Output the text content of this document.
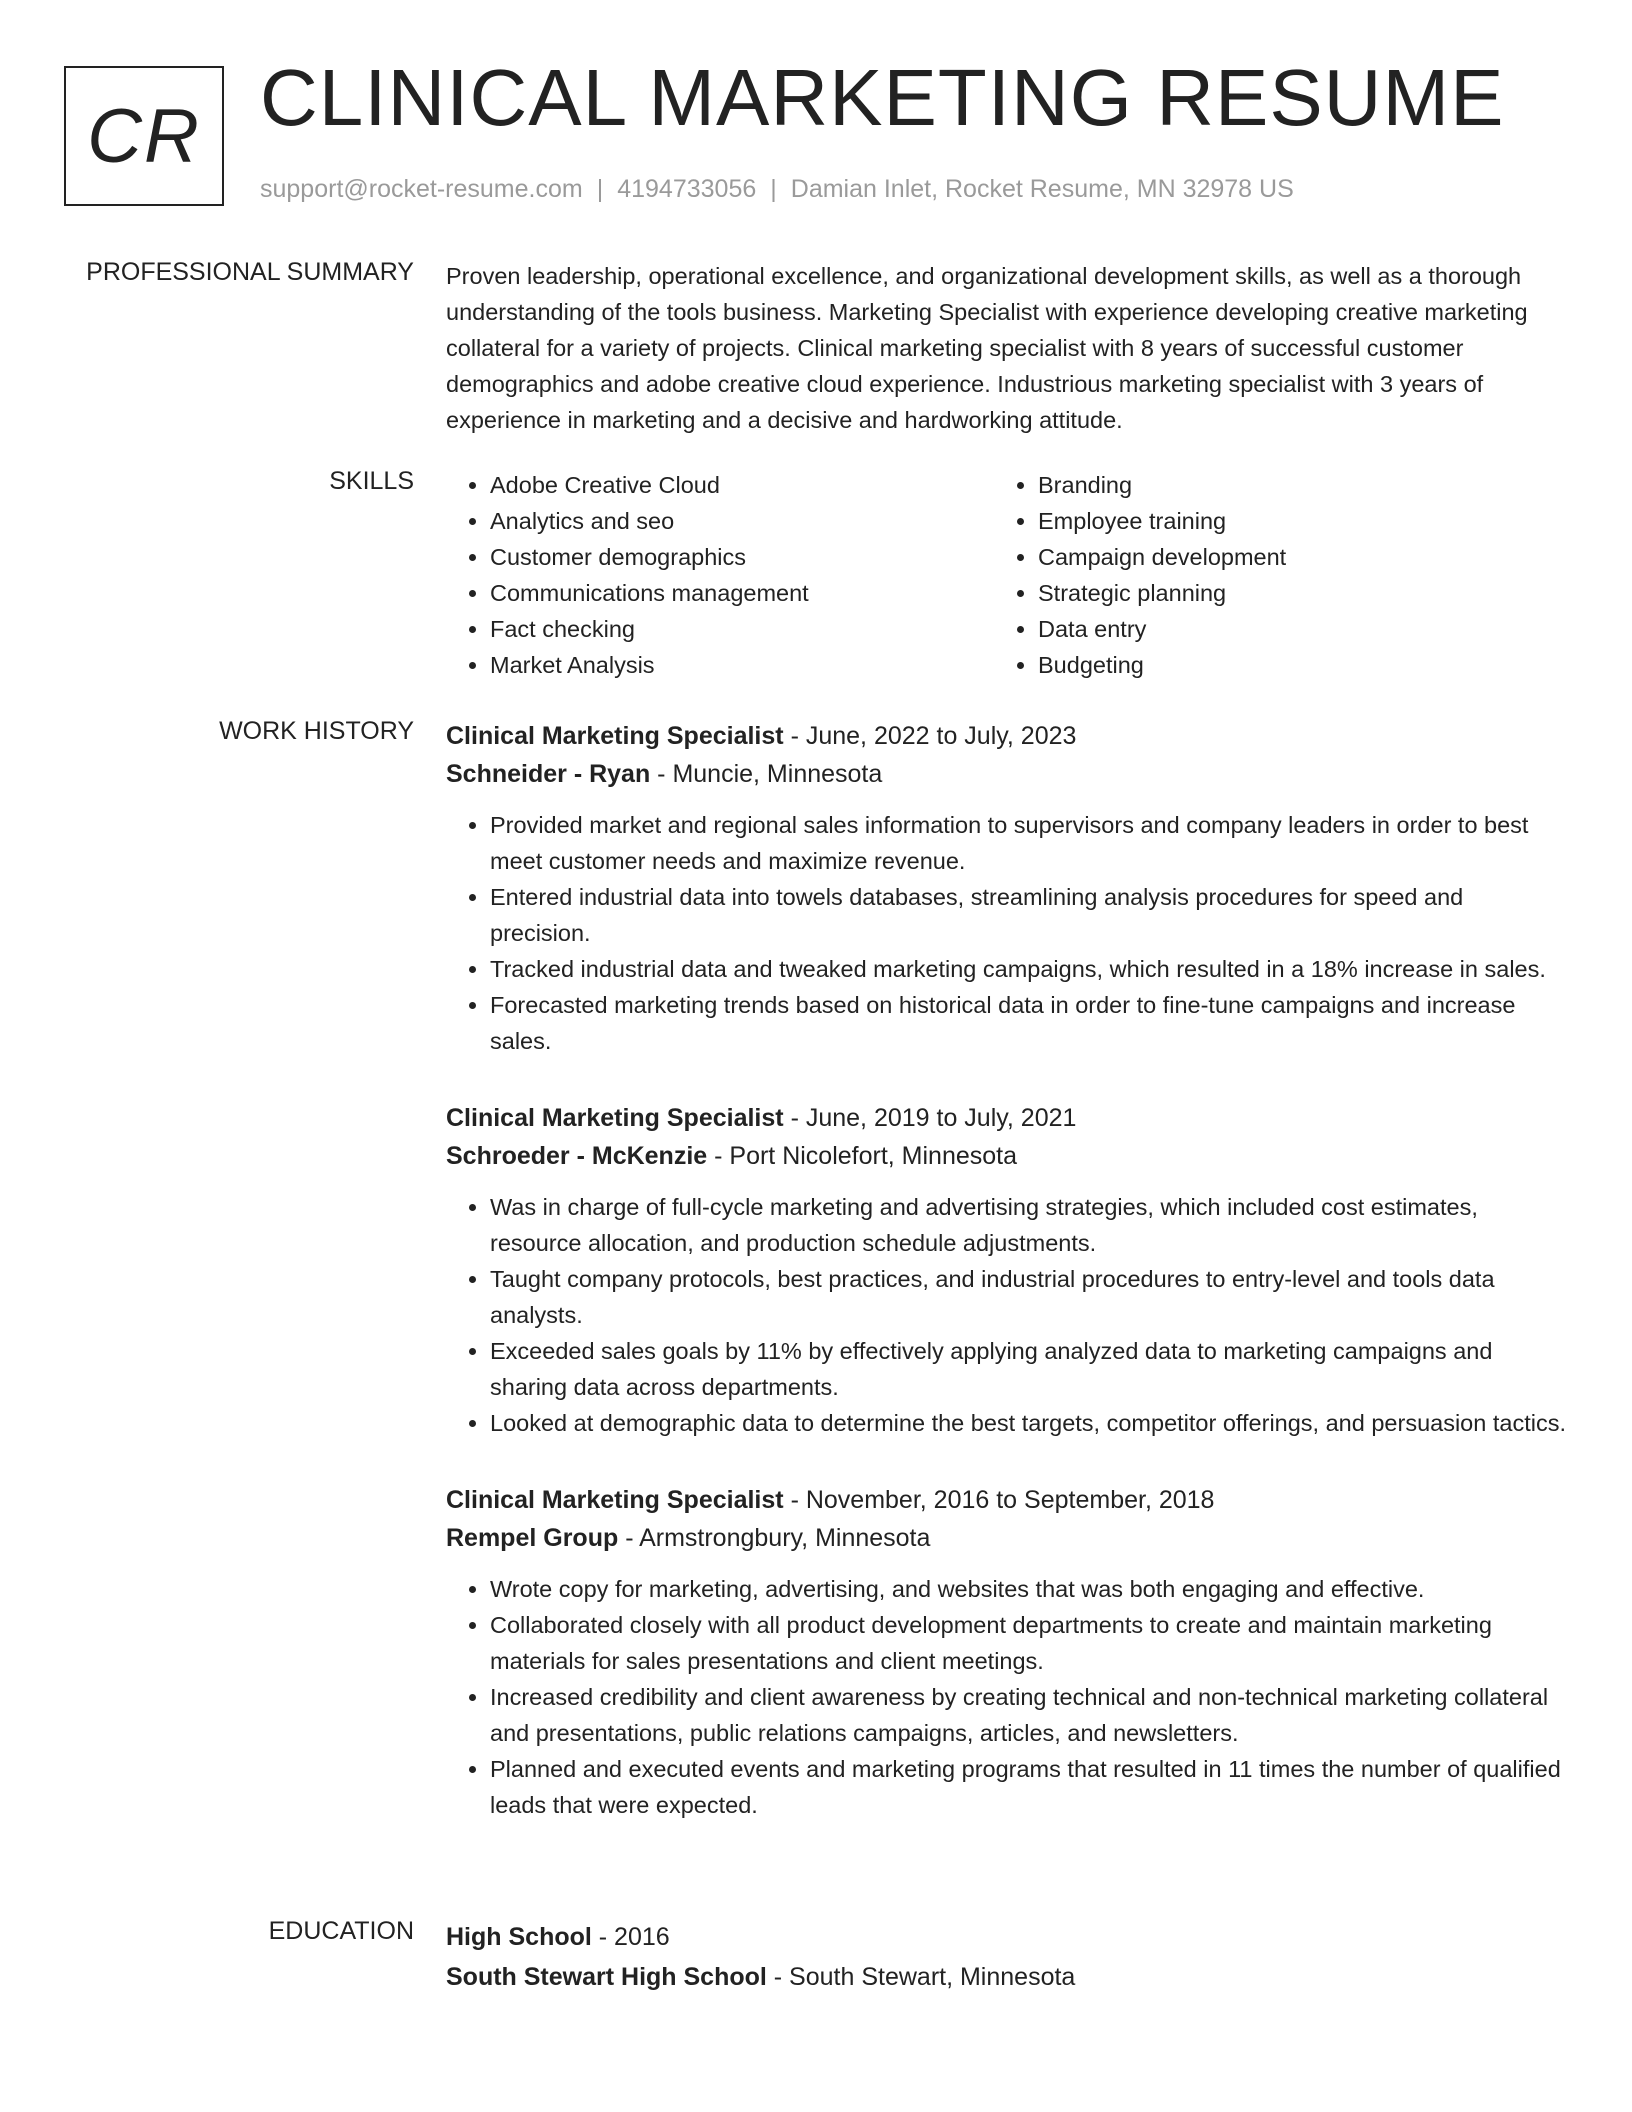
CR CLINICAL MARKETING RESUME
support@rocket-resume.com | 4194733056 | Damian Inlet, Rocket Resume, MN 32978 US
PROFESSIONAL SUMMARY Proven leadership, operational excellence, and organizational development skills, as well as a thorough understanding of the tools business. Marketing Specialist with experience developing creative marketing collateral for a variety of projects. Clinical marketing specialist with 8 years of successful customer demographics and adobe creative cloud experience. Industrious marketing specialist with 3 years of experience in marketing and a decisive and hardworking attitude.

SKILLS
•	Adobe Creative Cloud
• Analytics and seo
• Customer demographics
• Communications management
• Fact checking
• Market Analysis
• Branding
• Employee training
• Campaign development
• Strategic planning
• Data entry
• Budgeting
WORK HISTORY Clinical Marketing Specialist - June, 2022 to July, 2023
Schneider - Ryan - Muncie, Minnesota
• Provided market and regional sales information to supervisors and company leaders in order to best meet customer needs and maximize revenue.
• Entered industrial data into towels databases, streamlining analysis procedures for speed and precision.
• Tracked industrial data and tweaked marketing campaigns, which resulted in a 18% increase in sales.
• Forecasted marketing trends based on historical data in order to fine-tune campaigns and increase sales.
Clinical Marketing Specialist - June, 2019 to July, 2021
Schroeder - McKenzie - Port Nicolefort, Minnesota
• Was in charge of full-cycle marketing and advertising strategies, which included cost estimates, resource allocation, and production schedule adjustments.
• Taught company protocols, best practices, and industrial procedures to entry-level and tools data analysts.
• Exceeded sales goals by 11% by effectively applying analyzed data to marketing campaigns and sharing data across departments.
• Looked at demographic data to determine the best targets, competitor offerings, and persuasion tactics.
Clinical Marketing Specialist - November, 2016 to September, 2018
Rempel Group - Armstrongbury, Minnesota
• Wrote copy for marketing, advertising, and websites that was both engaging and effective.
• Collaborated closely with all product development departments to create and maintain marketing materials for sales presentations and client meetings.
• Increased credibility and client awareness by creating technical and non-technical marketing collateral and presentations, public relations campaigns, articles, and newsletters.
• Planned and executed events and marketing programs that resulted in 11 times the number of qualified leads that were expected.
EDUCATION High School - 2016
South Stewart High School - South Stewart, Minnesota
